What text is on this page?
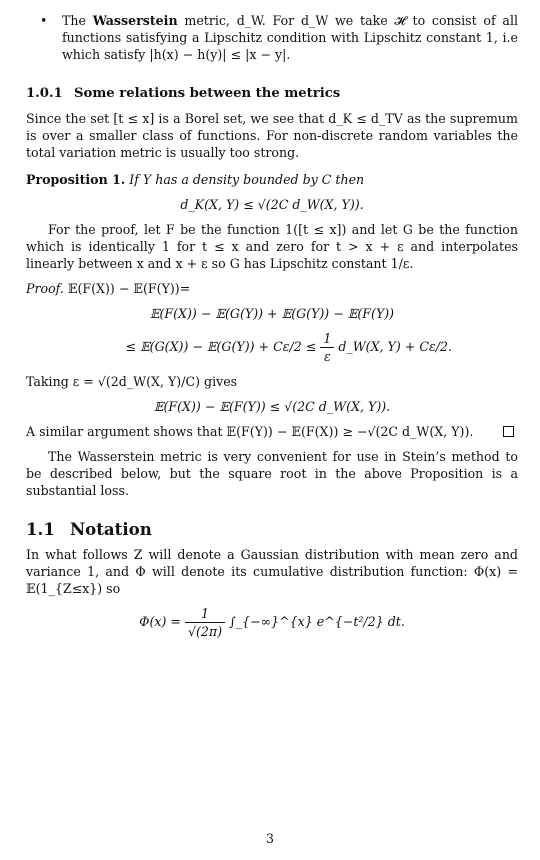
• The Wasserstein metric, d_W. For d_W we take 𝓗 to consist of all functions satisfying a Lipschitz condition with Lipschitz constant 1, i.e which satisfy |h(x) − h(y)| ≤ |x − y|.
1.0.1 Some relations between the metrics
Since the set [t ≤ x] is a Borel set, we see that d_K ≤ d_TV as the supremum is over a smaller class of functions. For non-discrete random variables the total variation metric is usually too strong.
Proposition 1. If Y has a density bounded by C then
d_K(X, Y) ≤ √(2C d_W(X, Y)).
For the proof, let F be the function 1([t ≤ x]) and let G be the function which is identically 1 for t ≤ x and zero for t > x + ε and interpolates linearly between x and x + ε so G has Lipschitz constant 1/ε.
Proof. 𝔼(F(X)) − 𝔼(F(Y))=
𝔼(F(X)) − 𝔼(G(Y)) + 𝔼(G(Y)) − 𝔼(F(Y))
≤ 𝔼(G(X)) − 𝔼(G(Y)) + $C\varepsilon/2 \le \frac{1}{\varepsilon}$ d_W(X, Y) + Cε/2.
Taking ε = √(2d_W(X, Y)/C) gives
𝔼(F(X)) − 𝔼(F(Y)) ≤ √(2C d_W(X, Y)).
A similar argument shows that 𝔼(F(Y)) − 𝔼(F(X)) ≥ −√(2C d_W(X, Y)).
The Wasserstein metric is very convenient for use in Stein’s method to be described below, but the square root in the above Proposition is a substantial loss.
1.1 Notation
In what follows Z will denote a Gaussian distribution with mean zero and variance 1, and Φ will denote its cumulative distribution function: Φ(x) = 𝔼(1_{Z≤x}) so
$\Phi(x) = \frac{1}{√(2\pi)}$ ∫_{−∞}^{x} e^{−t²/2} dt.
3
